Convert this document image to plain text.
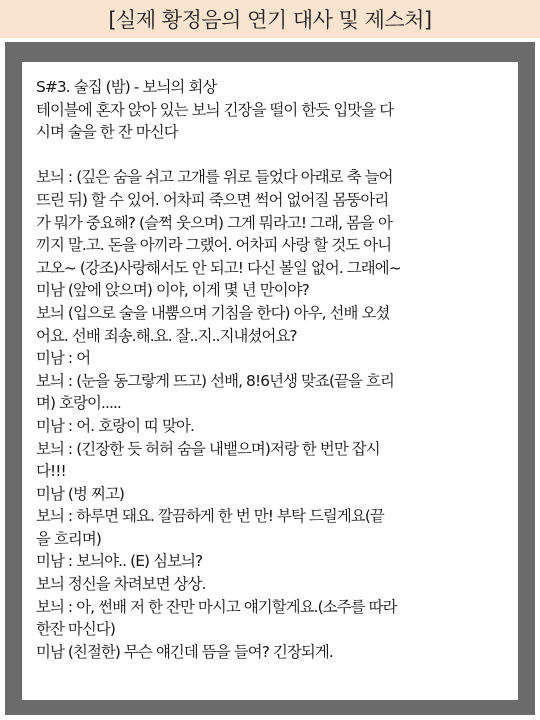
[실제 황정음의 연기 대사 및 제스처]
S#3. 술집 (밤) - 보늬의 회상
테이블에 혼자 앉아 있는 보늬 긴장을 떨이 한듯 입맛을 다
시며 술을 한 잔 마신다
보늬 : (깊은 숨을 쉬고 고개를 위로 들었다 아래로 축 늘어
뜨린 뒤) 할 수 있어. 어차피 죽으면 썩어 없어질 몸뚱아리
가 뭐가 중요해? (슬쩍 웃으며) 그게 뭐라고! 그래, 몸을 아
끼지 말.고. 돈을 아끼라 그랬어. 어차피 사랑 할 것도 아니
고오~ (강조)사랑해서도 안 되고! 다신 볼일 없어. 그래에~
미남 (앞에 앉으며) 이야, 이게 몇 년 만이야?
보늬 (입으로 술을 내뿜으며 기침을 한다) 아우, 선배 오셨
어요. 선배 죄송.해.요. 잘..지..지내셨어요?
미남 : 어
보늬 : (눈을 동그랗게 뜨고) 선배, 8!6년생 맞죠(끝을 흐리
며) 호랑이.....
미남 : 어. 호랑이 띠 맞아.
보늬 : (긴장한 듯 허허 숨을 내뱉으며)저랑 한 번만 잡시
다!!!
미남 (벙 찌고)
보늬 : 하루면 돼요. 깔끔하게 한 번 만! 부탁 드릴게요(끝
을 흐리며)
미남 : 보늬야.. (E) 심보늬?
보늬 정신을 차려보면 상상.
보늬 : 아, 썬배 저 한 잔만 마시고 얘기할게요.(소주를 따라
한잔 마신다)
미남 (친절한) 무슨 얘긴데 뜸을 들여? 긴장되게.
